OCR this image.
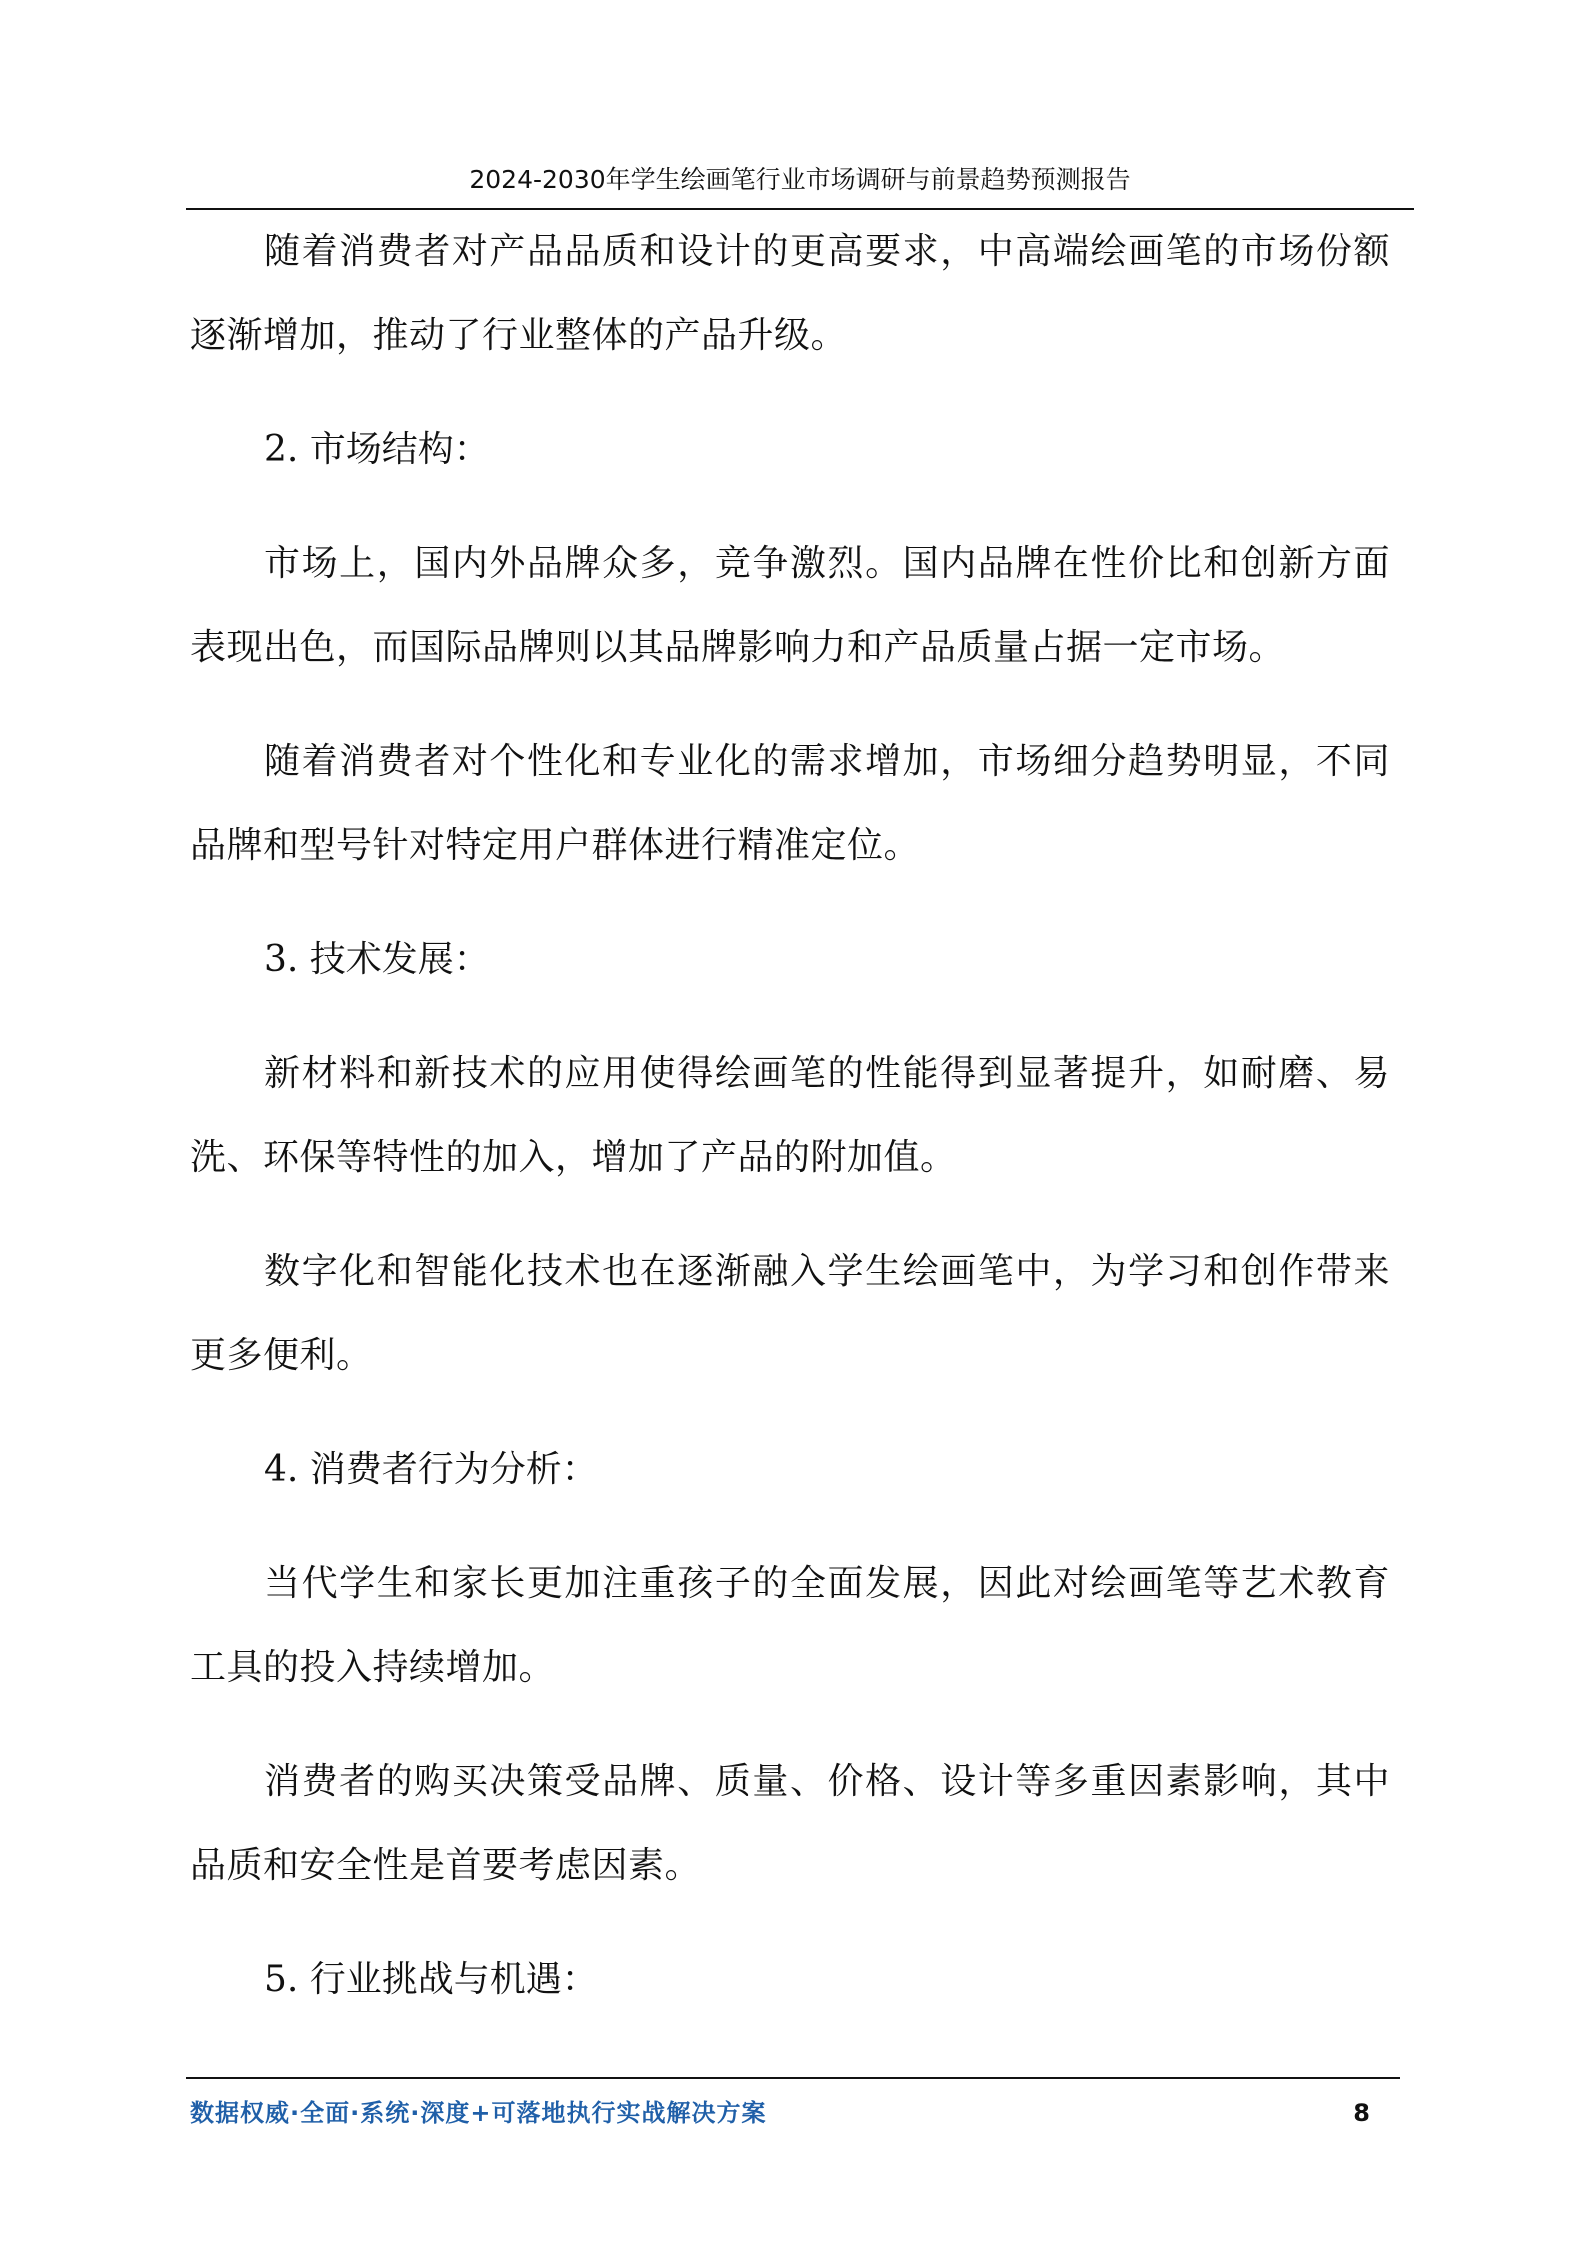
2024-2030年学生绘画笔行业市场调研与前景趋势预测报告

随着消费者对产品品质和设计的更高要求，中高端绘画笔的市场份额逐渐增加，推动了行业整体的产品升级。

2. 市场结构：

市场上，国内外品牌众多，竞争激烈。国内品牌在性价比和创新方面表现出色，而国际品牌则以其品牌影响力和产品质量占据一定市场。

随着消费者对个性化和专业化的需求增加，市场细分趋势明显，不同品牌和型号针对特定用户群体进行精准定位。

3. 技术发展：

新材料和新技术的应用使得绘画笔的性能得到显著提升，如耐磨、易洗、环保等特性的加入，增加了产品的附加值。

数字化和智能化技术也在逐渐融入学生绘画笔中，为学习和创作带来更多便利。

4. 消费者行为分析：

当代学生和家长更加注重孩子的全面发展，因此对绘画笔等艺术教育工具的投入持续增加。

消费者的购买决策受品牌、质量、价格、设计等多重因素影响，其中品质和安全性是首要考虑因素。

5. 行业挑战与机遇：

数据权威·全面·系统·深度+可落地执行实战解决方案	8
